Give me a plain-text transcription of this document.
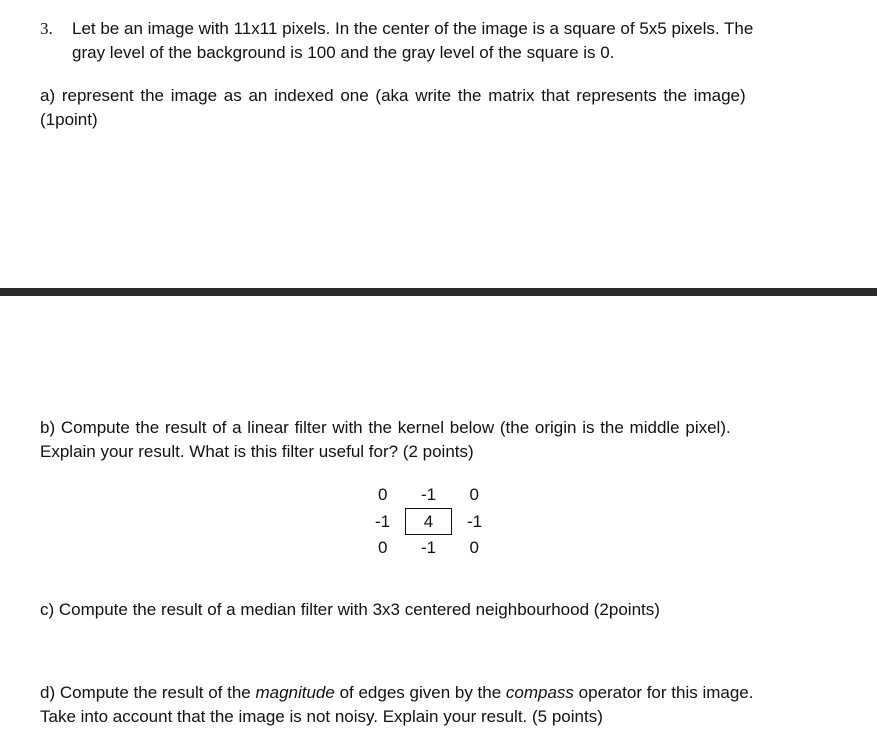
3. Let be an image with 11x11 pixels. In the center of the image is a square of 5x5 pixels. The
gray level of the background is 100 and the gray level of the square is 0.
a) represent the image as an indexed one (aka write the matrix that represents the image)
(1point)
b) Compute the result of a linear filter with the kernel below (the origin is the middle pixel).
Explain your result. What is this filter useful for? (2 points)
0	-1	0
-1	4	-1
0	-1	0
c) Compute the result of a median filter with 3x3 centered neighbourhood (2points)
d) Compute the result of the magnitude of edges given by the compass operator for this image.
Take into account that the image is not noisy. Explain your result. (5 points)
